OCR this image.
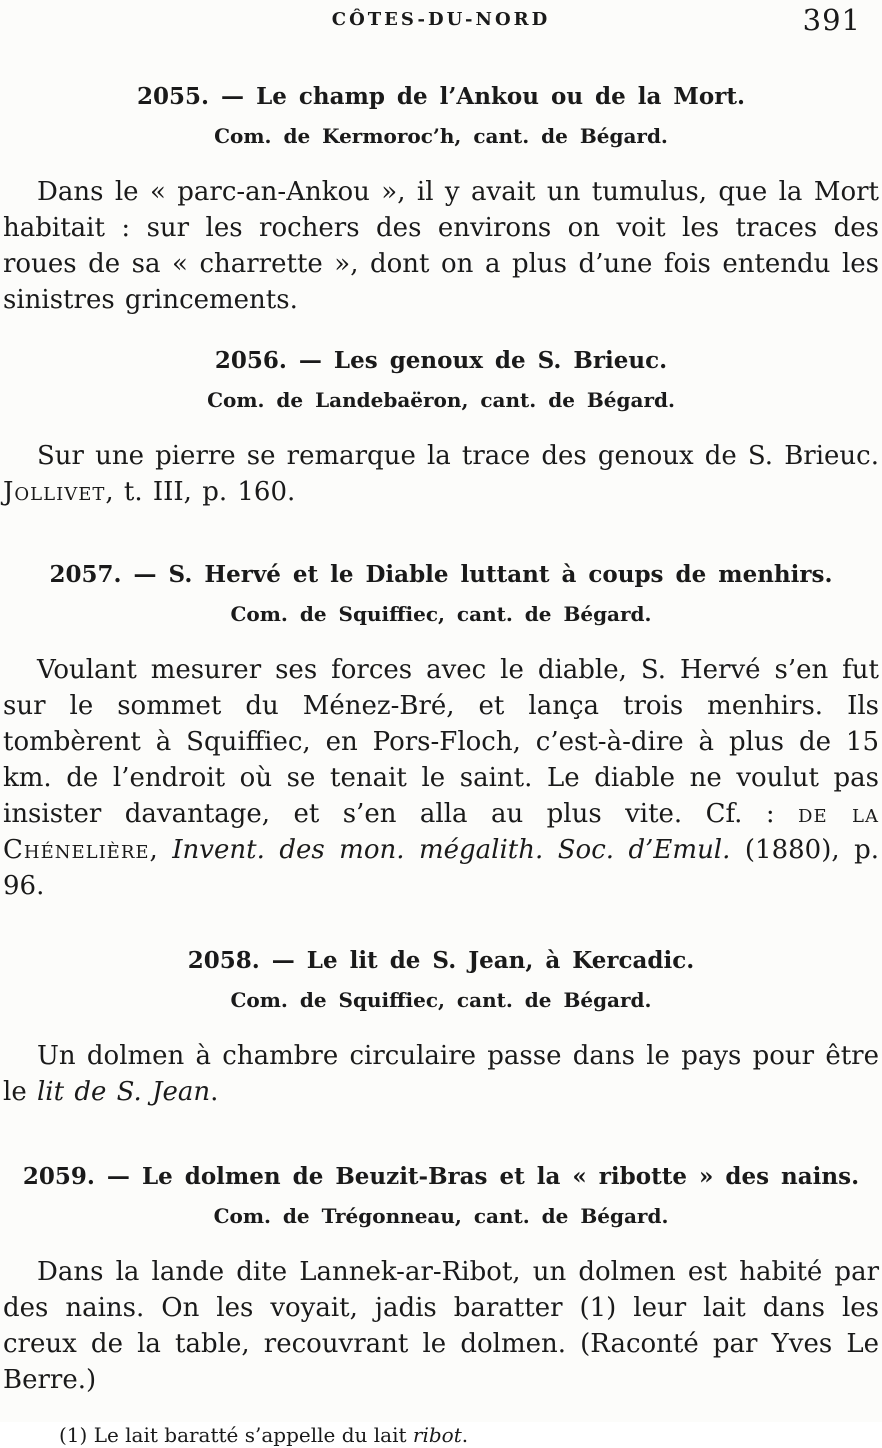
CÔTES-DU-NORD	391
2055. — Le champ de l’Ankou ou de la Mort.
Com. de Kermoroc’h, cant. de Bégard.

Dans le « parc-an-Ankou », il y avait un tumulus, que la Mort habitait : sur les rochers des environs on voit les traces des roues de sa « charrette », dont on a plus d’une fois entendu les sinistres grincements.

2056. — Les genoux de S. Brieuc.
Com. de Landebaëron, cant. de Bégard.

Sur une pierre se remarque la trace des genoux de S. Brieuc. Jollivet, t. III, p. 160.

2057. — S. Hervé et le Diable luttant à coups de menhirs.
Com. de Squiffiec, cant. de Bégard.

Voulant mesurer ses forces avec le diable, S. Hervé s’en fut sur le sommet du Ménez-Bré, et lança trois menhirs. Ils tombèrent à Squiffiec, en Pors-Floch, c’est-à-dire à plus de 15 km. de l’endroit où se tenait le saint. Le diable ne voulut pas insister davantage, et s’en alla au plus vite. Cf. : de la Chénelière, Invent. des mon. mégalith. Soc. d’Emul. (1880), p. 96.

2058. — Le lit de S. Jean, à Kercadic.
Com. de Squiffiec, cant. de Bégard.

Un dolmen à chambre circulaire passe dans le pays pour être le lit de S. Jean.

2059. — Le dolmen de Beuzit-Bras et la « ribotte » des nains.
Com. de Trégonneau, cant. de Bégard.

Dans la lande dite Lannek-ar-Ribot, un dolmen est habité par des nains. On les voyait, jadis baratter (1) leur lait dans les creux de la table, recouvrant le dolmen. (Raconté par Yves Le Berre.)

(1) Le lait baratté s’appelle du lait ribot.
